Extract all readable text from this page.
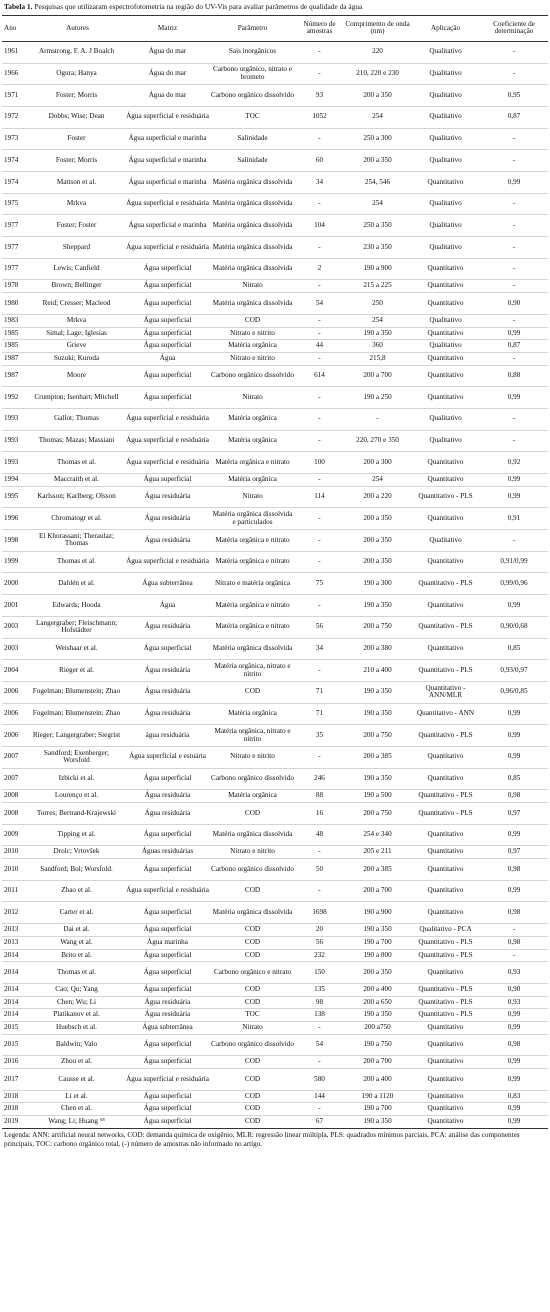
Tabela 1. Pesquisas que utilizaram espectrofotometria na região do UV-Vis para avaliar parâmetros de qualidade da água
Ano	Autores	Matriz	Parâmetro	Número de amostras	Comprimento de onda (nm)	Aplicação	Coeficiente de determinação
1961	Armstrong, F. A. J Boalch	Água do mar	Sais inorgânicos	-	220	Qualitativo	-
1966	Ogura; Hanya	Água do mar	Carbono orgânico, nitrato e brometo	-	210, 220 e 230	Qualitativo	-
1971	Foster; Morris	Água do mar	Carbono orgânico dissolvido	93	200 a 350	Qualitativo	0,95
1972	Dobbs; Wise; Dean	Água superficial e residuária	TOC	1052	254	Qualitativo	0,87
1973	Foster	Água superficial e marinha	Salinidade	-	250 a 300	Qualitativo	-
1974	Foster; Morris	Água superficial e marinha	Salinidade	60	200 a 350	Qualitativo	-
1974	Mattson et al.	Água superficial e marinha	Matéria orgânica dissolvida	34	254, 546	Quantitativo	0,99
1975	Mrkva	Água superficial e residuária	Matéria orgânica dissolvida	-	254	Qualitativo	-
1977	Foster; Foster	Água superficial e marinha	Matéria orgânica dissolvida	104	250 a 350	Qualitativo	-
1977	Sheppard	Água superficial e residuária	Matéria orgânica dissolvida	-	230 a 350	Qualitativo	-
1977	Lewis; Canfield	Água superficial	Matéria orgânica dissolvida	2	190 a 900	Quantitativo	-
1978	Brown; Bellinger	Água superficial	Nitrato	-	215 a 225	Quantitativo	-
1980	Reid; Cresser; Macleod	Água superficial	Matéria orgânica dissolvida	54	250	Quantitativo	0,90
1983	Mrkva	Água superficial	COD	-	254	Qualitativo	-
1985	Simal; Lage; Iglesias	Água superficial	Nitrato e nitrito	-	190 a 350	Quantitativo	0,99
1985	Grieve	Água superficial	Matéria orgânica	44	360	Qualitativo	0,87
1987	Suzuki; Kuroda	Água	Nitrato e nitrito	-	215,8	Quantitativo	-
1987	Moore	Água superficial	Carbono orgânico dissolvido	614	200 a 700	Quantitativo	0,88
1992	Crumpton; Isenhart; Mitchell	Água superficial	Nitrato	-	190 a 250	Quantitativo	0,99
1993	Gallot; Thomas	Água superficial e residuária	Matéria orgânica	-	-	Qualitativo	-
1993	Thomas; Mazas; Massiani	Água superficial e residuária	Matéria orgânica	-	220, 270 e 350	Qualitativo	-
1993	Thomas et al.	Água superficial e residuária	Matéria orgânica e nitrato	100	200 a 300	Quantitativo	0,92
1994	Maccraith et al.	Água superficial	Matéria orgânica	-	254	Quantitativo	0,99
1995	Karlsson; Karlberg; Olsson	Água residuária	Nitrato	114	200 a 220	Quantitativo - PLS	0,99
1996	Chromatogr et al.	Água residuária	Matéria orgânica dissolvida e particulados	-	200 a 350	Quantitativo	0,91
1998	El Khorassani; Theraulaz; Thomas	Água residuária	Matéria orgânica e nitrato	-	200 a 350	Qualitativo	-
1999	Thomas et al.	Água superficial e residuária	Matéria orgânica e nitrato	-	200 a 350	Quantitativo	0,91/0,99
2000	Dahlén et al.	Água subterrânea	Nitrato e matéria orgânica	75	190 a 300	Quantitativo - PLS	0,99/0,96
2001	Edwards; Hooda	Água	Matéria orgânica e nitrato	-	190 a 350	Quantitativo	0,99
2003	Langergraber; Fleischmann; Hofstädter	Água residuária	Matéria orgânica e nitrato	56	200 a 750	Quantitativo - PLS	0,90/0,68
2003	Weishaar et al.	Água superficial	Matéria orgânica dissolvida	34	200 a 380	Quantitativo	0,85
2004	Rieger et al.	Água residuária	Matéria orgânica, nitrato e nitrito	-	210 a 400	Quantitativo - PLS	0,93/0,97
2006	Fogelman; Blumenstein; Zhao	Água residuária	COD	71	190 a 350	Quantitativo - ANN/MLR	0,96/0,85
2006	Fogelman; Blumenstein; Zhao	Água residuária	Matéria orgânica	71	190 a 350	Quantitativo - ANN	0,99
2006	Rieger; Langergraber; Siegrist	água residuária	Matéria orgânica, nitrato e nitrito	35	200 a 750	Quantitativo - PLS	0,99
2007	Sandford; Exenberger; Worsfold	Água superficial e estuária	Nitrato e nitrito	-	200 a 385	Quantitativo	0,99
2007	Izbicki et al.	Água superficial	Carbono orgânico dissolvido	246	190 a 350	Quantitativo	0,85
2008	Lourenço et al.	Água residuária	Matéria orgânica	88	190 a 500	Quantitativo - PLS	0,98
2008	Torres; Bertrand-Krajewski	Água residuária	COD	16	200 a 750	Quantitativo - PLS	0,97
2009	Tipping et al.	Água superficial	Matéria orgânica dissolvida	48	254 e 340	Quantitativo	0,99
2010	Drolc; Vrtovšek	Águas residuárias	Nitrato e nitrito	-	205 e 211	Quantitativo	0,97
2010	Sandford; Bol; Worsfold.	Água superficial	Carbono orgânico dissolvido	50	200 a 385	Quantitativo	0,98
2011	Zhao et al.	Água superficial e residuária	COD	-	200 a 700	Quantitativo	0,99
2012	Carter et al.	Água superficial	Matéria orgânica dissolvida	1698	190 a 900	Quantitativo	0,98
2013	Dai et al.	Água superficial	COD	20	190 a 350	Qualitativo - PCA	-
2013	Wang et al.	Água marinha	COD	56	190 a 700	Quantitativo - PLS	0,98
2014	Brito et al.	Água superficial	COD	232	190 a 800	Quantitativo - PLS	-
2014	Thomas et al.	Água superficial	Carbono orgânico e nitrato	150	200 a 350	Quantitativo	0,93
2014	Cao; Qu; Yang	Água superficial	COD	135	200 a 400	Quantitativo - PLS	0,90
2014	Chen; Wu; Li	Água residuária	COD	98	200 a 650	Quantitativo - PLS	0,93
2014	Platikanov et al.	Água residuária	TOC	138	190 a 350	Quantitativo - PLS	0,99
2015	Huebsch et al.	Água subterrânea	Nitrato	-	200 a750	Quantitativo	0,99
2015	Baldwin; Valo	Água superficial	Carbono orgânico dissolvido	54	190 a 750	Quantitativo	0,98
2016	Zhou et al.	Água superficial	COD	-	200 a 700	Quantitativo	0,99
2017	Causse et al.	Água superficial e residuária	COD	580	200 a 400	Quantitativo	0,99
2018	Li et al.	Água superficial	COD	144	190 a 1120	Quantitativo	0,83
2018	Chen et al.	Água superficial	COD	-	190 a 700	Quantitativo	0,99
2019	Wang; Li; Huang ⁶⁸	Água superficial	COD	67	190 a 350	Quantitativo	0,99
Legenda: ANN: artificial neural networks, COD: demanda química de oxigênio, MLR: regressão linear múltipla, PLS: quadrados mínimos parciais, PCA: análise das componentes principais, TOC: carbono orgânico total, (-) número de amostras não informado no artigo.
